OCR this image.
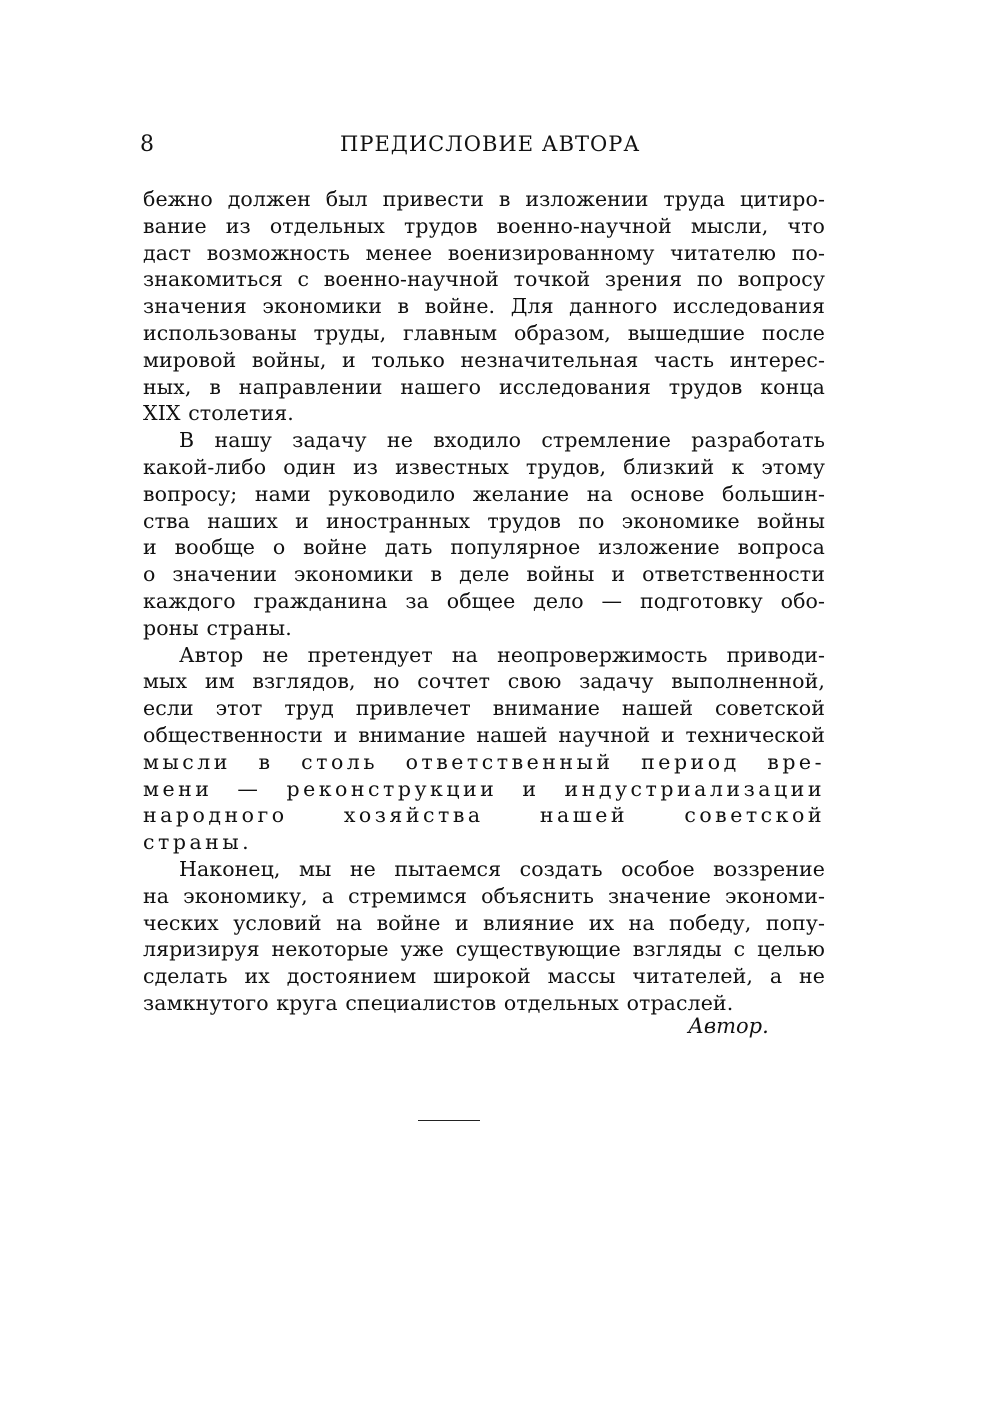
8	ПРЕДИСЛОВИЕ АВТОРА
бежно должен был привести в изложении труда цитиро-
вание из отдельных трудов военно-научной мысли, что
даст возможность менее военизированному читателю по-
знакомиться с военно-научной точкой зрения по вопросу
значения экономики в войне. Для данного исследования
использованы труды, главным образом, вышедшие после
мировой войны, и только незначительная часть интерес-
ных, в направлении нашего исследования трудов конца
XIX столетия.
В нашу задачу не входило стремление разработать
какой-либо один из известных трудов, близкий к этому
вопросу; нами руководило желание на основе большин-
ства наших и иностранных трудов по экономике войны
и вообще о войне дать популярное изложение вопроса
о значении экономики в деле войны и ответственности
каждого гражданина за общее дело — подготовку обо-
роны страны.
Автор не претендует на неопровержимость приводи-
мых им взглядов, но сочтет свою задачу выполненной,
если этот труд привлечет внимание нашей советской
общественности и внимание нашей научной и технической
мысли в столь ответственный период вре-
мени — реконструкции и индустриализации
народного хозяйства нашей советской
страны.
Наконец, мы не пытаемся создать особое воззрение
на экономику, а стремимся объяснить значение экономи-
ческих условий на войне и влияние их на победу, попу-
ляризируя некоторые уже существующие взгляды с целью
сделать их достоянием широкой массы читателей, а не
замкнутого круга специалистов отдельных отраслей.
Автор.
